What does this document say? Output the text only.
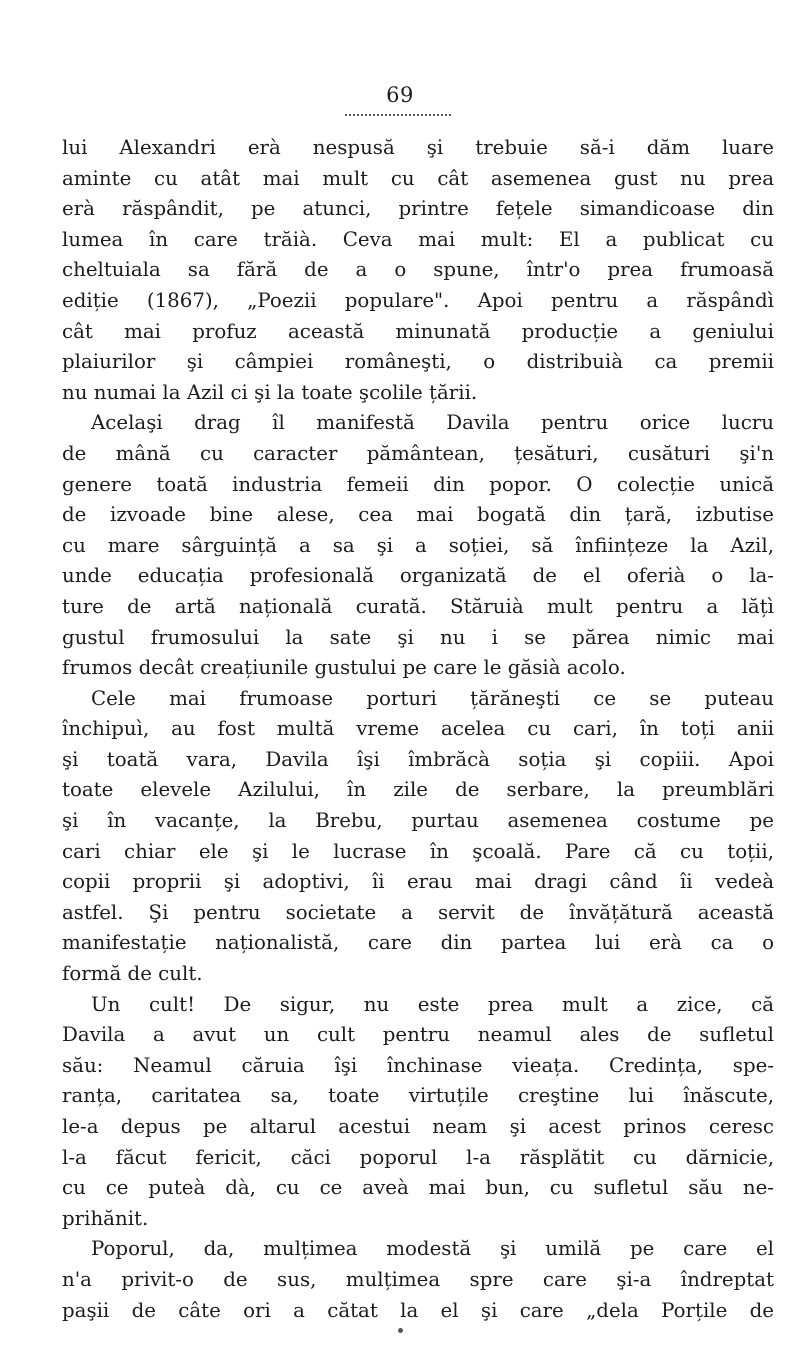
69
lui Alexandri erà nespusă şi trebuie să-i dăm luare
aminte cu atât mai mult cu cât asemenea gust nu prea
erà răspândit, pe atunci, printre fețele simandicoase din
lumea în care trăià. Ceva mai mult: El a publicat cu
cheltuiala sa fără de a o spune, într'o prea frumoasă
ediție (1867), „Poezii populare". Apoi pentru a răspândì
cât mai profuz această minunată producție a geniului
plaiurilor şi câmpiei româneşti, o distribuià ca premii
nu numai la Azil ci şi la toate şcolile țării.
Acelaşi drag îl manifestă Davila pentru orice lucru
de mână cu caracter pământean, țesături, cusături şi'n
genere toată industria femeii din popor. O colecție unică
de izvoade bine alese, cea mai bogată din țară, izbutise
cu mare sârguință a sa şi a soției, să înființeze la Azil,
unde educația profesională organizată de el oferià o la-
ture de artă națională curată. Stăruià mult pentru a lățì
gustul frumosului la sate şi nu i se părea nimic mai
frumos decât creațiunile gustului pe care le găsià acolo.
Cele mai frumoase porturi țărăneşti ce se puteau
închipuì, au fost multă vreme acelea cu cari, în toți anii
şi toată vara, Davila îşi îmbrăcà soția şi copiii. Apoi
toate elevele Azilului, în zile de serbare, la preumblări
şi în vacanțe, la Brebu, purtau asemenea costume pe
cari chiar ele şi le lucrase în şcoală. Pare că cu toții,
copii proprii şi adoptivi, îi erau mai dragi când îi vedeà
astfel. Şi pentru societate a servit de învățătură această
manifestație naționalistă, care din partea lui erà ca o
formă de cult.
Un cult! De sigur, nu este prea mult a zice, că
Davila a avut un cult pentru neamul ales de sufletul
său: Neamul căruia îşi închinase vieața. Credința, spe-
ranța, caritatea sa, toate virtuțile creştine lui înăscute,
le-a depus pe altarul acestui neam şi acest prinos ceresc
l-a făcut fericit, căci poporul l-a răsplătit cu dărnicie,
cu ce puteà dà, cu ce aveà mai bun, cu sufletul său ne-
prihănit.
Poporul, da, mulțimea modestă şi umilă pe care el
n'a privit-o de sus, mulțimea spre care şi-a îndreptat
paşii de câte ori a cătat la el şi care „dela Porțile de
